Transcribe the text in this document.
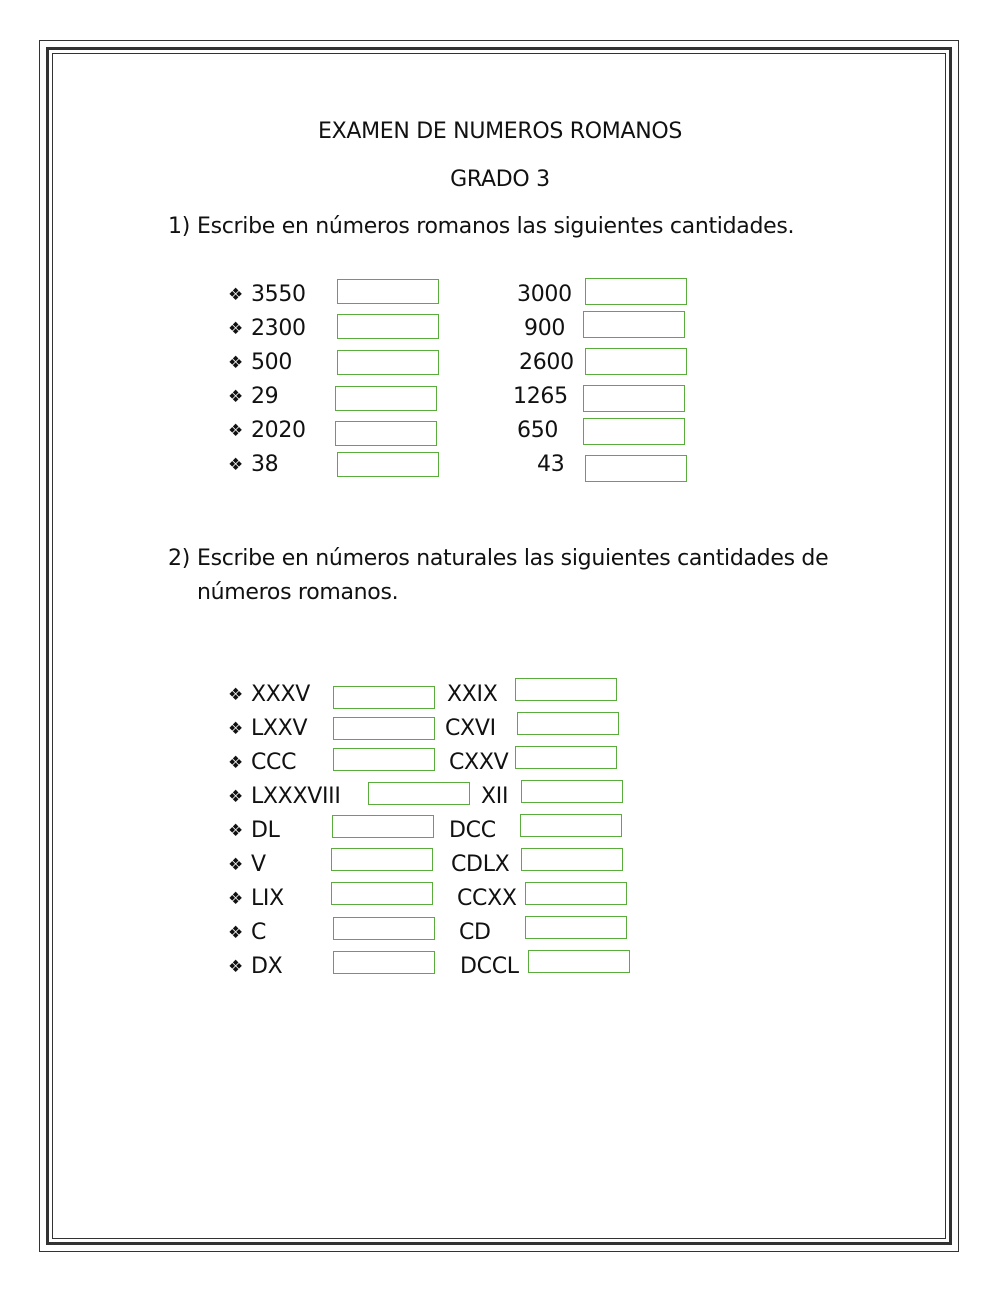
EXAMEN DE NUMEROS ROMANOS
GRADO 3
1) Escribe en números romanos las siguientes cantidades.
❖ 3550
❖ 2300
❖ 500
❖ 29
❖ 2020
❖ 38
3000
900
2600
1265
650
43
2) Escribe en números naturales las siguientes cantidades de
números romanos.
❖ XXXV
❖ LXXV
❖ CCC
❖ LXXXVIII
❖ DL
❖ V
❖ LIX
❖ C
❖ DX
XXIX
CXVI
CXXV
XII
DCC
CDLX
CCXX
CD
DCCL
